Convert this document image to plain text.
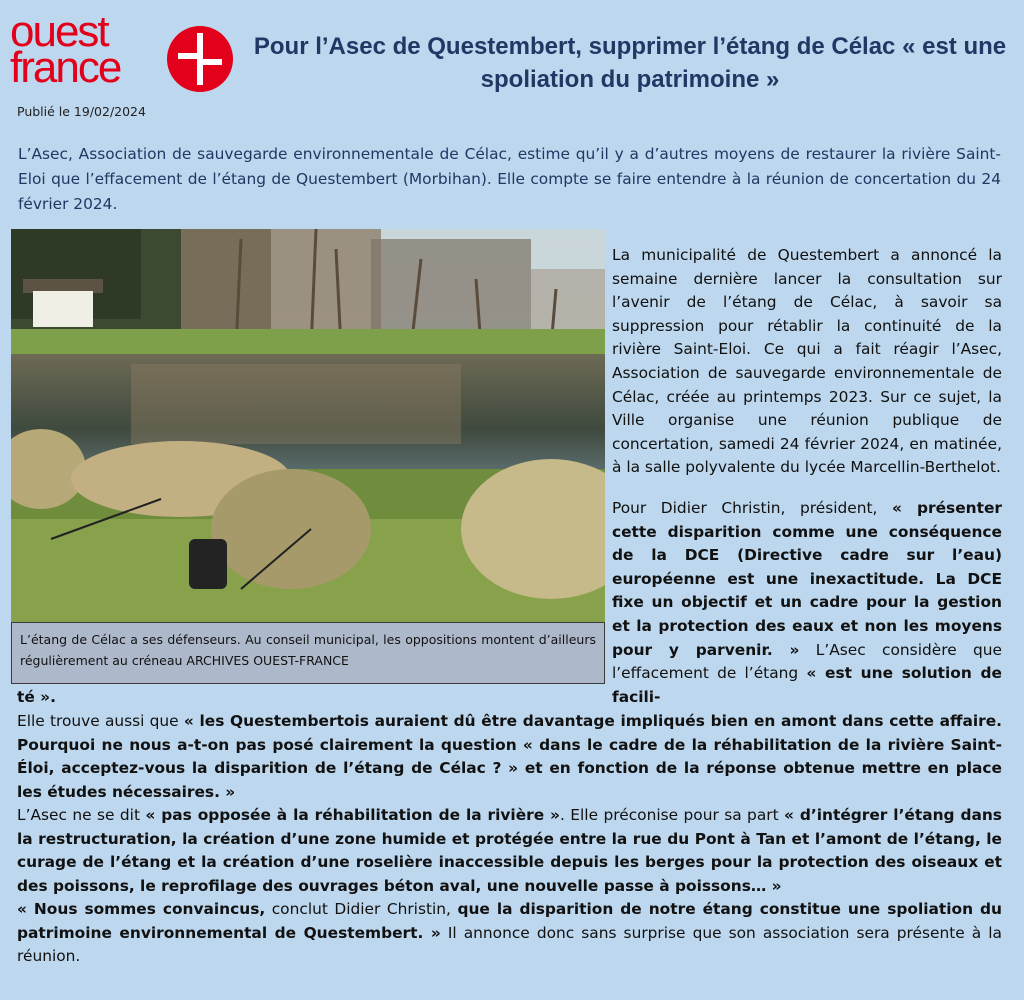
ouest
france
Publié le 19/02/2024
Pour l’Asec de Questembert, supprimer l’étang de Célac « est une spoliation du patrimoine »

L’Asec, Association de sauvegarde environnementale de Célac, estime qu’il y a d’autres moyens de restaurer la rivière Saint-Eloi que l’effacement de l’étang de Questembert (Morbihan). Elle compte se faire entendre à la réunion de concertation du 24 février 2024.

L’étang de Célac a ses défenseurs. Au conseil municipal, les oppositions montent d’ailleurs régulièrement au créneau ARCHIVES OUEST-FRANCE

La municipalité de Questembert a annoncé la semaine dernière lancer la consultation sur l’avenir de l’étang de Célac, à savoir sa suppression pour rétablir la continuité de la rivière Saint-Eloi. Ce qui a fait réagir l’Asec, Association de sauvegarde environnementale de Célac, créée au printemps 2023. Sur ce sujet, la Ville organise une réunion publique de concertation, samedi 24 février 2024, en matinée, à la salle polyvalente du lycée Marcellin-Berthelot.

Pour Didier Christin, président, « présenter cette disparition comme une conséquence de la DCE (Directive cadre sur l’eau) européenne est une inexactitude. La DCE fixe un objectif et un cadre pour la gestion et la protection des eaux et non les moyens pour y parvenir. » L’Asec considère que l’effacement de l’étang « est une solution de facili-

té ».

Elle trouve aussi que « les Questembertois auraient dû être davantage impliqués bien en amont dans cette affaire. Pourquoi ne nous a-t-on pas posé clairement la question « dans le cadre de la réhabilitation de la rivière Saint-Éloi, acceptez-vous la disparition de l’étang de Célac ? » et en fonction de la réponse obtenue mettre en place les études nécessaires. »

L’Asec ne se dit « pas opposée à la réhabilitation de la rivière ». Elle préconise pour sa part « d’intégrer l’étang dans la restructuration, la création d’une zone humide et protégée entre la rue du Pont à Tan et l’amont de l’étang, le curage de l’étang et la création d’une roselière inaccessible depuis les berges pour la protection des oiseaux et des poissons, le reprofilage des ouvrages béton aval, une nouvelle passe à poissons… »

« Nous sommes convaincus, conclut Didier Christin, que la disparition de notre étang constitue une spoliation du patrimoine environnemental de Questembert. » Il annonce donc sans surprise que son association sera présente à la réunion.
